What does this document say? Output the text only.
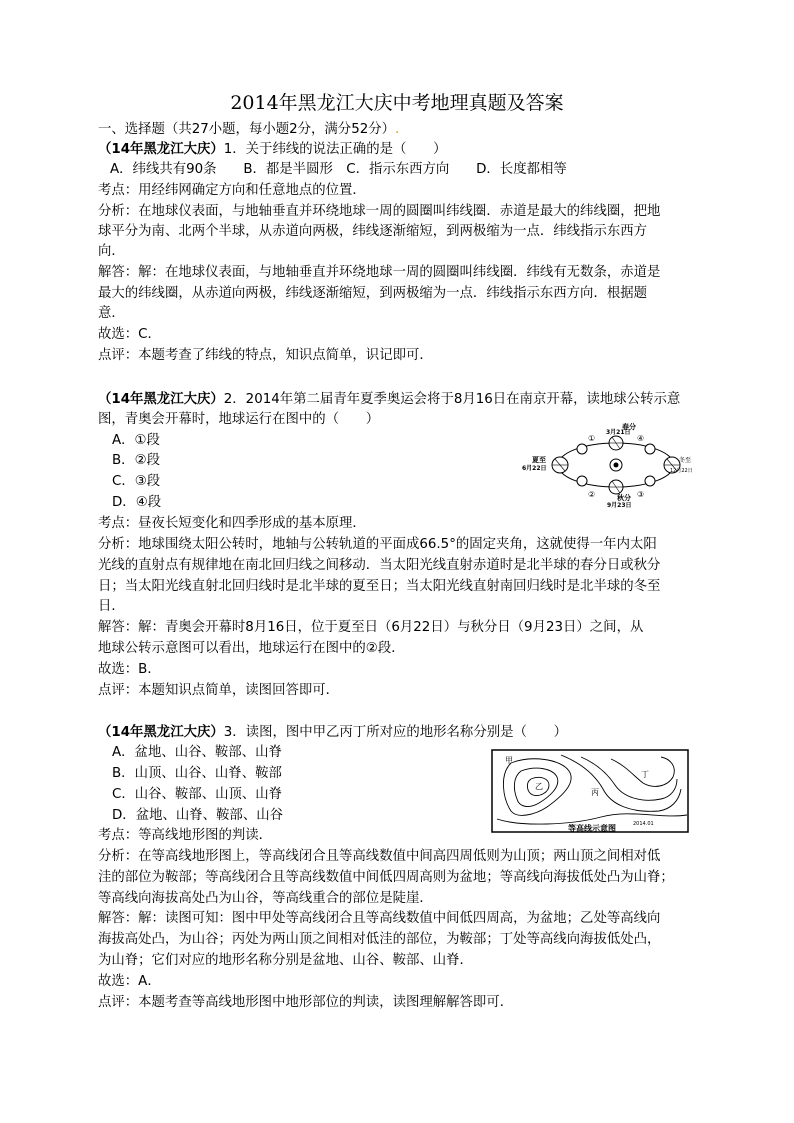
2014年黑龙江大庆中考地理真题及答案
一、选择题（共27小题，每小题2分，满分52分）.
（14年黑龙江大庆）1．关于纬线的说法正确的是（　　）
A．纬线共有90条　　B．都是半圆形　C．指示东西方向　　D．长度都相等
考点：用经纬网确定方向和任意地点的位置．
分析：在地球仪表面，与地轴垂直并环绕地球一周的圆圈叫纬线圈．赤道是最大的纬线圈，把地
球平分为南、北两个半球，从赤道向两极，纬线逐渐缩短，到两极缩为一点．纬线指示东西方
向．
解答：解：在地球仪表面，与地轴垂直并环绕地球一周的圆圈叫纬线圈．纬线有无数条，赤道是
最大的纬线圈，从赤道向两极，纬线逐渐缩短，到两极缩为一点．纬线指示东西方向．根据题
意．
故选：C．
点评：本题考查了纬线的特点，知识点简单，识记即可．
（14年黑龙江大庆）2．2014年第二届青年夏季奥运会将于8月16日在南京开幕，读地球公转示意
图，青奥会开幕时，地球运行在图中的（　　）
A．①段
B．②段
C．③段
D．④段
春分
3月21日
夏至
6月22日
冬至
12月22日
秋分
9月23日
①
②	③
④
考点：昼夜长短变化和四季形成的基本原理．
分析：地球围绕太阳公转时，地轴与公转轨道的平面成66.5°的固定夹角，这就使得一年内太阳
光线的直射点有规律地在南北回归线之间移动．当太阳光线直射赤道时是北半球的春分日或秋分
日；当太阳光线直射北回归线时是北半球的夏至日；当太阳光线直射南回归线时是北半球的冬至
日．
解答：解：青奥会开幕时8月16日，位于夏至日（6月22日）与秋分日（9月23日）之间，从
地球公转示意图可以看出，地球运行在图中的②段．
故选：B．
点评：本题知识点简单，读图回答即可．
（14年黑龙江大庆）3．读图，图中甲乙丙丁所对应的地形名称分别是（　　）
A．盆地、山谷、鞍部、山脊
B．山顶、山谷、山脊、鞍部
C．山谷、鞍部、山顶、山脊
D．盆地、山脊、鞍部、山谷
甲
乙
丙
丁
2014.01
等高线示意图
考点：等高线地形图的判读．
分析：在等高线地形图上，等高线闭合且等高线数值中间高四周低则为山顶；两山顶之间相对低
洼的部位为鞍部；等高线闭合且等高线数值中间低四周高则为盆地；等高线向海拔低处凸为山脊；
等高线向海拔高处凸为山谷，等高线重合的部位是陡崖．
解答：解：读图可知：图中甲处等高线闭合且等高线数值中间低四周高，为盆地；乙处等高线向
海拔高处凸，为山谷；丙处为两山顶之间相对低洼的部位，为鞍部；丁处等高线向海拔低处凸，
为山脊；它们对应的地形名称分别是盆地、山谷、鞍部、山脊．
故选：A．
点评：本题考查等高线地形图中地形部位的判读，读图理解解答即可．
